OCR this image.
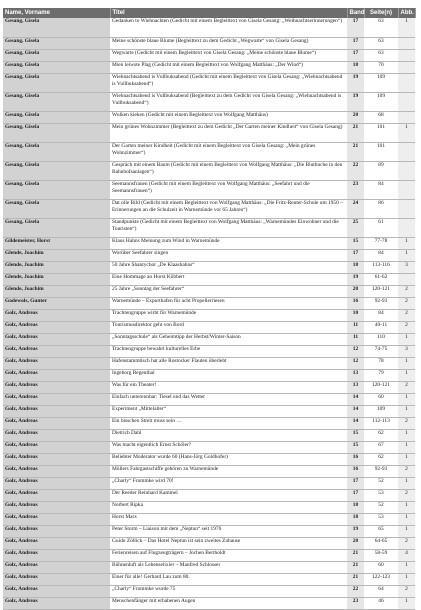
Name, Vorname	Titel	Band	Seite(n)	Abb.
Gesang, Gisela	Gedanken to Wiehnachten (Gedicht mit einem Begleittext von Gisela Gesang: „Weihnachtserinnerungen“)	17	63	1
Gesang, Gisela	Meine schönste blaue Blume (Begleittext zu dem Gedicht „Wegwarte“ von Gisela Gesang)	17	63	
Gesang, Gisela	Wegwarte (Gedicht mit einem Begleittext von Gisela Gesang: „Meine schönste blaue Blume“)	17	63	
Gesang, Gisela	Mien leiwste Plag (Gedicht mit einem Begleittext von Wolfgang Matthäus: „Der Wind“)	18	70	
Gesang, Gisela	Wiehnachtsabend is Vullbuksabend (Gedicht mit einem Begleittext von Gisela Gesang: „Wiehnachtsabend is Vullbuksabend“)	19	109	
Gesang, Gisela	Wiehnachtsabend is Vullbuksabend (Begleittext zu dem Gedicht von Gisela Gesang: „Wiehnachtsabend is Vullbuksabend“)	19	109	
Gesang, Gisela	Wulken kieken (Gedicht mit einem Begleittext von Wolfgang Matthäus)	20	68	
Gesang, Gisela	Mein grünes Wohnzimmer (Begleittext zu dem Gedicht „Der Garten meiner Kindheit“ von Gisela Gesang)	21	101	1
Gesang, Gisela	Der Garten meiner Kindheit (Gedicht mit einem Begleittext von Gisela Gesang: „Mein grünes Wohnzimmer“)	21	101	
Gesang, Gisela	Gespräch mit einem Baum (Gedicht mit einem Begleittext von Wolfgang Matthäus: „Die Blutbuche in den Bahnhofsanlagen“)	22	89	
Gesang, Gisela	Seemannsfrauen (Gedicht mit einem Begleittext von Wolfgang Matthäus: „Seefahrt und die Seemannsfrauen“)	23	84	
Gesang, Gisela	Dat olle Bild (Gedicht mit einem Begleittext von Wolfgang Matthäus: „Die Fritz-Reuter-Schule um 1950 – Erinnerungen an die Schulzeit in Warnemünde vor 65 Jahren“)	24	86	
Gesang, Gisela	Standpunkte (Gedicht mit einem Begleittext von Wolfgang Matthäus: „Warnemündes Einwohner und die Touristen“)	25	61	
Gildemeister, Horst	Klaus Hahns Meinung zum Wind in Warnemünde	15	77-78	1
Glende, Joachim	Worüber Seefahrer singen	17	84	1
Glende, Joachim	50 Jahre Shantychor „De Klaashahns“	18	113-116	3
Glende, Joachim	Eine Hommage an Horst Köbbert	19	61-62	
Glende, Joachim	25 Jahre „Sonntag der Seefahrer“	20	120-121	2
Godewols, Gunter	Warnemünde – Exporthafen für acht Propellerriesen	16	92-93	2
Golz, Andreas	Trachtengruppe wirbt für Warnemünde	10	84	2
Golz, Andreas	Tourismusdirektor geht von Bord	11	40-11	2
Golz, Andreas	„Sonntagsschule“ als Geheimtipp der Herbst/Winter-Saison	11	110	1
Golz, Andreas	Trachtengruppe bewahrt kulturelles Erbe	12	74-75	3
Golz, Andreas	Hafenstammtisch hat alle Rostocker Flauten überlebt	12	78	1
Golz, Andreas	Ingeborg Regenthal	13	79	1
Golz, Andreas	Was für ein Theater!	13	120-121	2
Golz, Andreas	Einfach unterennbar: Tiesel und das Wetter	14	60	1
Golz, Andreas	Experiment „Mittelalter“	14	109	1
Golz, Andreas	Ein bisschen Streit muss sein …	14	112-113	2
Golz, Andreas	Dietrich Dahl	15	62	1
Golz, Andreas	Was macht eigentlich Ernst Schöler?	15	67	1
Golz, Andreas	Beliebter Moderator wurde 60 (Hans-Jörg Goldhofer)	16	62	1
Golz, Andreas	Möllers Fahrgastschiffe gehören zu Warnemünde	16	92-93	2
Golz, Andreas	„Charly“ Frommke wird 70!	17	52	1
Golz, Andreas	Der Reeder Reinhard Kammel	17	53	2
Golz, Andreas	Norbert Ripka	18	52	1
Golz, Andreas	Horst Marx	18	53	1
Golz, Andreas	Peter Storm – Liaison mit dem „Neptun“ seit 1976	19	65	1
Golz, Andreas	Guido Zöllick – Das Hotel Neptun ist sein zweites Zuhause	20	64-65	2
Golz, Andreas	Ferienreisen auf Flugzeugträgern – Jochen Bertholdt	21	58-59	4
Golz, Andreas	Bühnenluft als Lebenselixier – Manfred Schlosser	21	60	1
Golz, Andreas	Einer für alle! Gerhard Lau zum 80.	21	122-123	1
Golz, Andreas	„Charly“ Frommke wurde 75	22	64	2
Golz, Andreas	Menschenfänger mit erhabenen Augen	23	46	1
